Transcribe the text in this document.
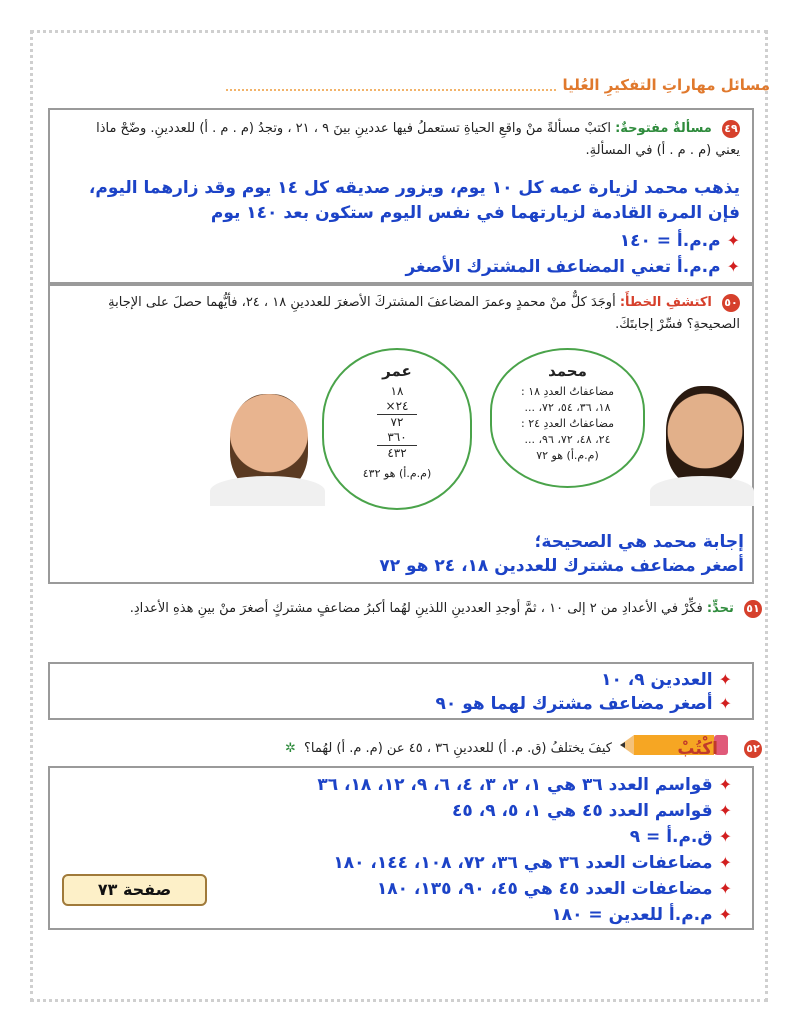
مسائل مهاراتِ التفكيرِ العُليا
٤٩ مسألةٌ مفتوحةٌ: اكتبْ مسألةً منْ واقعِ الحياةِ تستعملُ فيها عددينِ بينَ ٩ ، ٢١ ، وتجدُ (م . م . أ) للعددينِ. وضّحْ ماذا يعني (م . م . أ) في المسألةِ.
يذهب محمد لزيارة عمه كل ١٠ يوم، ويزور صديقه كل ١٤ يوم وقد زارهما اليوم، فإن المرة القادمة لزيارتهما في نفس اليوم ستكون بعد ١٤٠ يوم
✦م.م.أ = ١٤٠
✦م.م.أ تعني المضاعف المشترك الأصغر
٥٠ اكتشفِ الخطأَ: أوجَدَ كلٌّ منْ محمدٍ وعمرَ المضاعفَ المشتركَ الأصغرَ للعددينِ ١٨ ، ٢٤، فأيُّهما حصلَ على الإجابةِ الصحيحةِ؟ فسِّرْ إجابتَكَ.
عمر
١٨
٢٤×
٧٢
٣٦٠
٤٣٢
(م.م.أ) هو ٤٣٢
محمد
مضاعفاتُ العددِ ١٨ :
١٨، ٣٦، ٥٤، ٧٢، ...
مضاعفاتُ العددِ ٢٤ :
٢٤، ٤٨، ٧٢، ٩٦، ...
(م.م.أ) هو ٧٢
إجابة محمد هي الصحيحة؛
أصغر مضاعف مشترك للعددين ١٨، ٢٤ هو ٧٢
٥١ تحدٍّ: فكِّرْ في الأعدادِ من ٢ إلى ١٠ ، ثمَّ أوجدِ العددينِ اللذينِ لهُما أكبرُ مضاعفٍ مشتركٍ أصغرَ منْ بينِ هذهِ الأعدادِ.
✦العددين ٩، ١٠
✦أصغر مضاعف مشترك لهما هو ٩٠
٥٢
اكْتُبْ
كيفَ يختلفُ (ق. م. أ) للعددينِ ٣٦ ، ٤٥ عن (م. م. أ) لهُما؟
✲
✦قواسم العدد ٣٦ هي ١، ٢، ٣، ٤، ٦، ٩، ١٢، ١٨، ٣٦
✦قواسم العدد ٤٥ هي ١، ٥، ٩، ٤٥
✦ق.م.أ = ٩
✦مضاعفات العدد ٣٦ هي ٣٦، ٧٢، ١٠٨، ١٤٤، ١٨٠
✦مضاعفات العدد ٤٥ هي ٤٥، ٩٠، ١٣٥، ١٨٠
✦م.م.أ للعدين = ١٨٠
صفحة ٧٣
